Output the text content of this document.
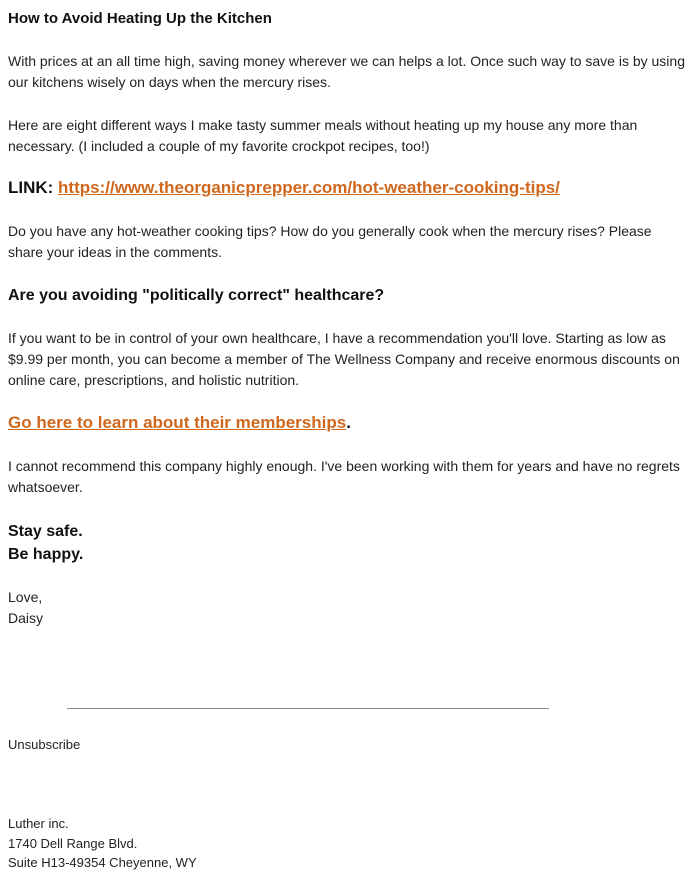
How to Avoid Heating Up the Kitchen

With prices at an all time high, saving money wherever we can helps a lot. Once such way to save is by using our kitchens wisely on days when the mercury rises.

Here are eight different ways I make tasty summer meals without heating up my house any more than necessary. (I included a couple of my favorite crockpot recipes, too!)

LINK: https://www.theorganicprepper.com/hot-weather-cooking-tips/

Do you have any hot-weather cooking tips? How do you generally cook when the mercury rises? Please share your ideas in the comments.

Are you avoiding "politically correct" healthcare?

If you want to be in control of your own healthcare, I have a recommendation you'll love. Starting as low as $9.99 per month, you can become a member of The Wellness Company and receive enormous discounts on online care, prescriptions, and holistic nutrition.

Go here to learn about their memberships.

I cannot recommend this company highly enough. I've been working with them for years and have no regrets whatsoever.

Stay safe.
Be happy.
Love,
Daisy
Unsubscribe
Luther inc.
1740 Dell Range Blvd.
Suite H13-49354 Cheyenne, WY
